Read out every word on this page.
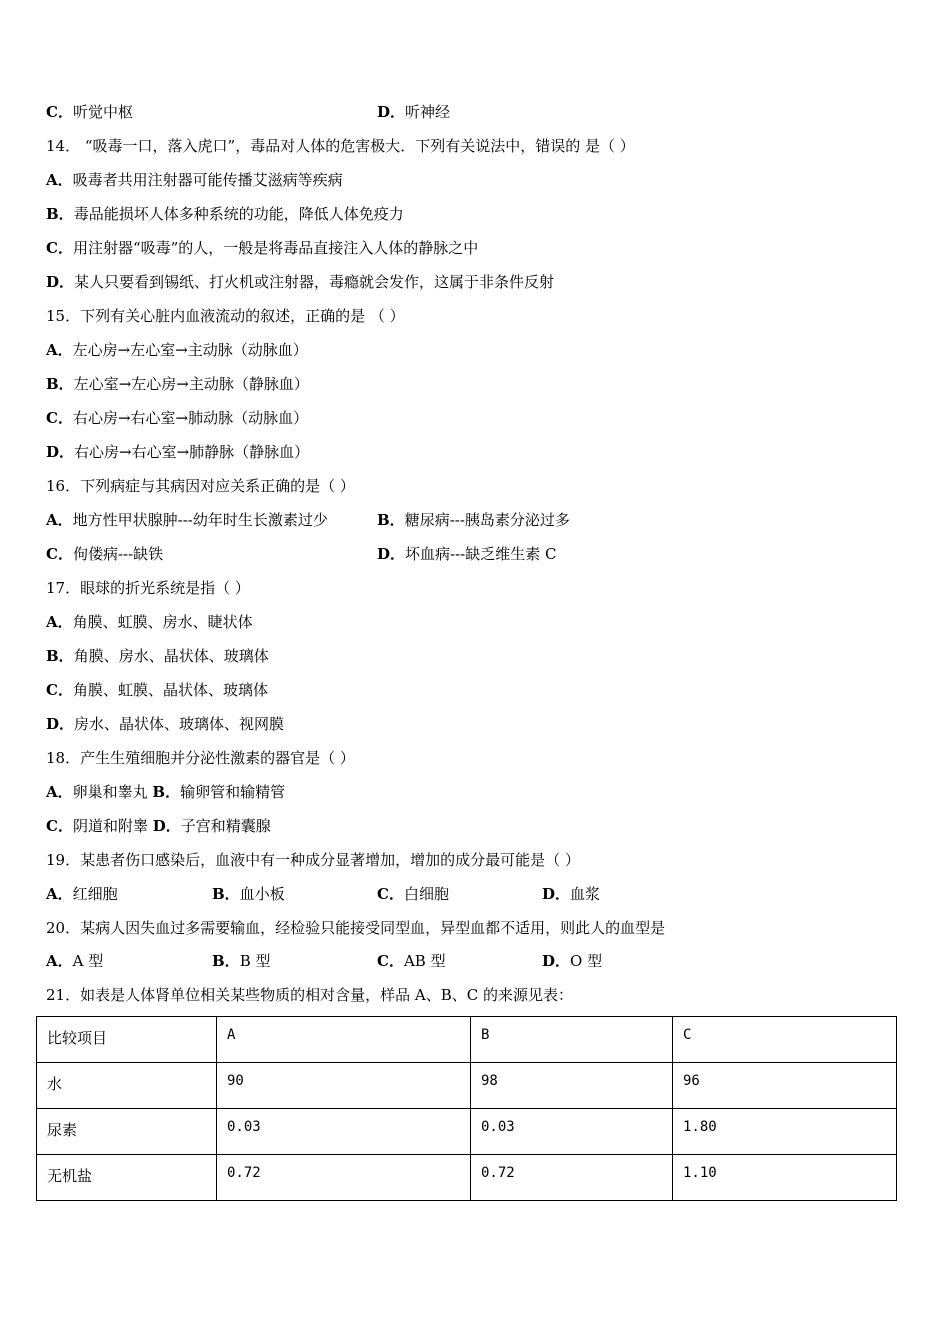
C．听觉中枢	D．听神经
14． “吸毒一口，落入虎口”，毒品对人体的危害极大．下列有关说法中，错误的 是（ ）
A．吸毒者共用注射器可能传播艾滋病等疾病
B．毒品能损坏人体多种系统的功能，降低人体免疫力
C．用注射器“吸毒”的人，一般是将毒品直接注入人体的静脉之中
D．某人只要看到锡纸、打火机或注射器，毒瘾就会发作，这属于非条件反射
15．下列有关心脏内血液流动的叙述，正确的是 （ ）
A．左心房→左心室→主动脉（动脉血）
B．左心室→左心房→主动脉（静脉血）
C．右心房→右心室→肺动脉（动脉血）
D．右心房→右心室→肺静脉（静脉血）
16．下列病症与其病因对应关系正确的是（ ）
A．地方性甲状腺肿---幼年时生长激素过少	B．糖尿病---胰岛素分泌过多
C．佝偻病---缺铁	D．坏血病---缺乏维生素 C
17．眼球的折光系统是指（ ）
A．角膜、虹膜、房水、睫状体
B．角膜、房水、晶状体、玻璃体
C．角膜、虹膜、晶状体、玻璃体
D．房水、晶状体、玻璃体、视网膜
18．产生生殖细胞并分泌性激素的器官是（ ）
A．卵巢和睾丸 B．输卵管和输精管
C．阴道和附睾 D．子宫和精囊腺
19．某患者伤口感染后，血液中有一种成分显著增加，增加的成分最可能是（ ）
A．红细胞	B．血小板	C．白细胞	D．血浆
20．某病人因失血过多需要输血，经检验只能接受同型血，异型血都不适用，则此人的血型是
A．A 型	B．B 型	C．AB 型	D．O 型
21．如表是人体肾单位相关某些物质的相对含量，样品 A、B、C 的来源见表：
比较项目	A	B	C
水	90	98	96
尿素	0.03	0.03	1.80
无机盐	0.72	0.72	1.10
